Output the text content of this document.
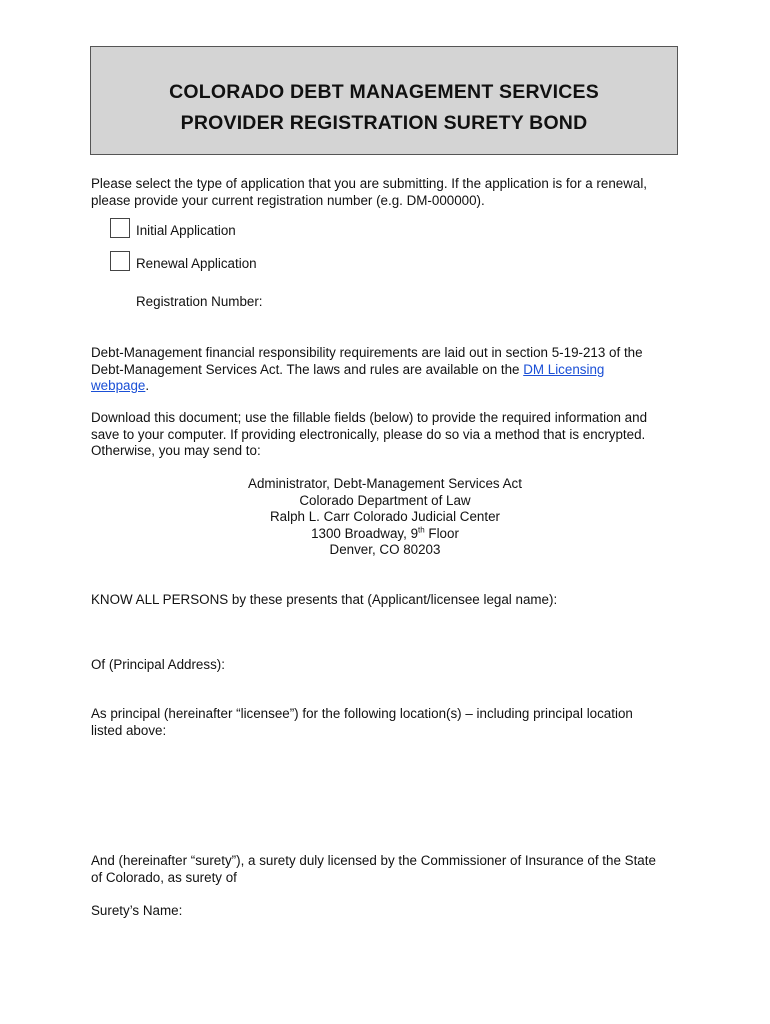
COLORADO DEBT MANAGEMENT SERVICES
PROVIDER REGISTRATION SURETY BOND
Please select the type of application that you are submitting. If the application is for a renewal,
please provide your current registration number (e.g. DM-000000).
Initial Application
Renewal Application
Registration Number:
Debt-Management financial responsibility requirements are laid out in section 5-19-213 of the
Debt-Management Services Act. The laws and rules are available on the DM Licensing
webpage.
Download this document; use the fillable fields (below) to provide the required information and
save to your computer. If providing electronically, please do so via a method that is encrypted.
Otherwise, you may send to:
Administrator, Debt-Management Services Act
Colorado Department of Law
Ralph L. Carr Colorado Judicial Center
1300 Broadway, 9th Floor
Denver, CO 80203
KNOW ALL PERSONS by these presents that (Applicant/licensee legal name):
Of (Principal Address):
As principal (hereinafter “licensee”) for the following location(s) – including principal location
listed above:
And (hereinafter “surety”), a surety duly licensed by the Commissioner of Insurance of the State
of Colorado, as surety of
Surety’s Name:
